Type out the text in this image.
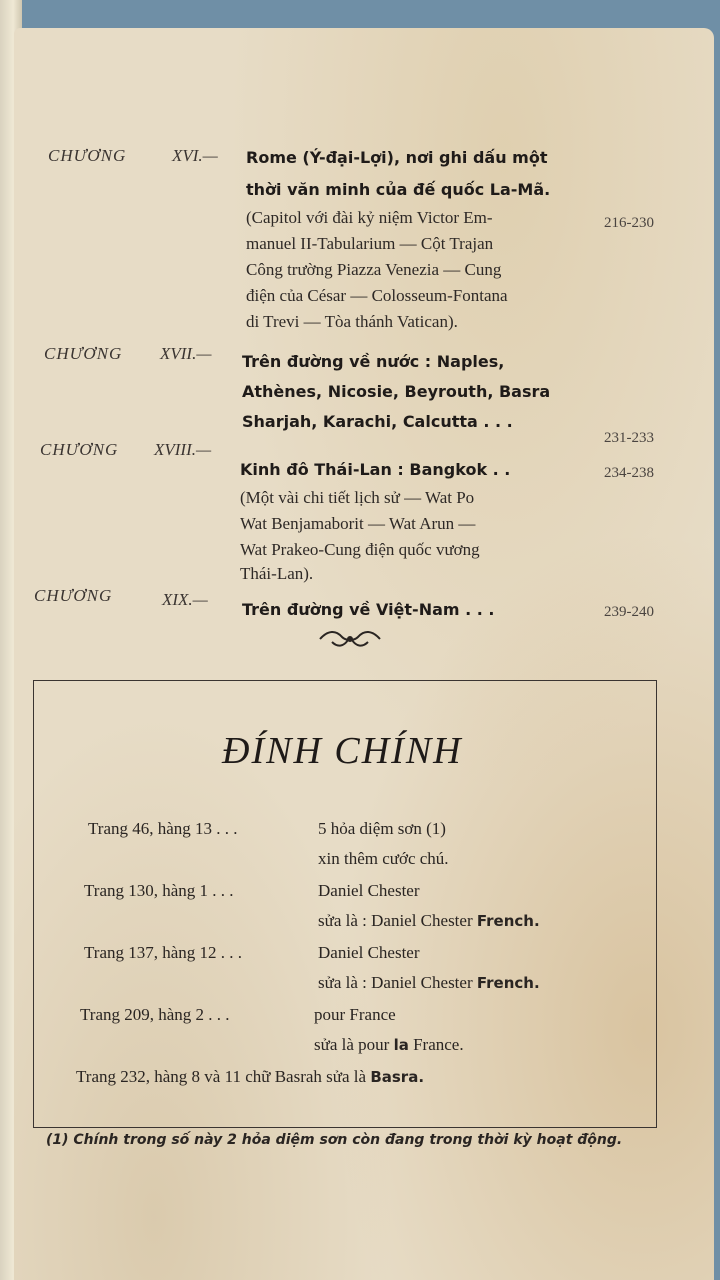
CHƯƠNG	XVI.— Rome (Ý-đại-Lợi), nơi ghi dấu một
thời văn minh của đế quốc La-Mã.
(Capitol với đài kỷ niệm Victor Em-
manuel II-Tabularium — Cột Trajan
Công trường Piazza Venezia — Cung
điện của César — Colosseum-Fontana
di Trevi — Tòa thánh Vatican).
216-230
CHƯƠNG XVII.— Trên đường về nước : Naples,
Athènes, Nicosie, Beyrouth, Basra
Sharjah, Karachi, Calcutta . . .
231-233
CHƯƠNG XVIII.—
Kinh đô Thái-Lan : Bangkok . .
(Một vài chi tiết lịch sử — Wat Po
Wat Benjamaborit — Wat Arun —
Wat Prakeo-Cung điện quốc vương
Thái-Lan).
234-238
CHƯƠNG	XIX.—
Trên đường về Việt-Nam . . .	239-240
ĐÍNH CHÍNH
Trang 46, hàng 13 . . .	5 hỏa diệm sơn (1)
xin thêm cước chú.
Trang 130, hàng 1 . . .	Daniel Chester
sửa là : Daniel Chester French.
Trang 137, hàng 12 . . .	Daniel Chester
sửa là : Daniel Chester French.
Trang 209, hàng 2 . . .	pour France
sửa là pour la France.
Trang 232, hàng 8 và 11 chữ Basrah sửa là Basra.
(1) Chính trong số này 2 hỏa diệm sơn còn đang trong thời kỳ hoạt động.
